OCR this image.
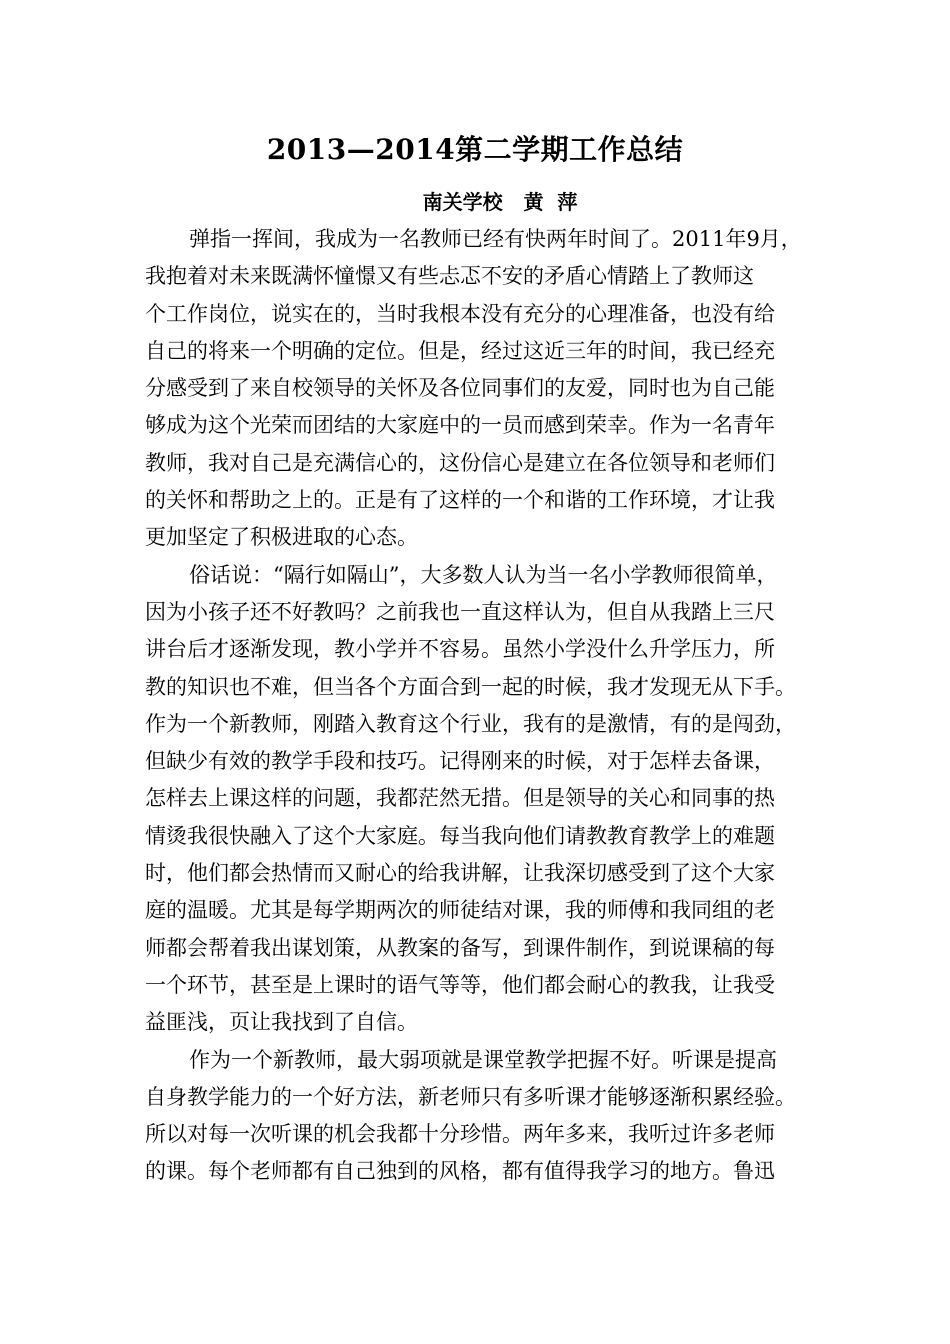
2013—2014第二学期工作总结
南关学校   黄  萍
弹指一挥间，我成为一名教师已经有快两年时间了。2011年9月，
我抱着对未来既满怀憧憬又有些忐忑不安的矛盾心情踏上了教师这
个工作岗位，说实在的，当时我根本没有充分的心理准备，也没有给
自己的将来一个明确的定位。但是，经过这近三年的时间，我已经充
分感受到了来自校领导的关怀及各位同事们的友爱，同时也为自己能
够成为这个光荣而团结的大家庭中的一员而感到荣幸。作为一名青年
教师，我对自己是充满信心的，这份信心是建立在各位领导和老师们
的关怀和帮助之上的。正是有了这样的一个和谐的工作环境，才让我
更加坚定了积极进取的心态。
俗话说：“隔行如隔山”，大多数人认为当一名小学教师很简单，
因为小孩子还不好教吗？之前我也一直这样认为，但自从我踏上三尺
讲台后才逐渐发现，教小学并不容易。虽然小学没什么升学压力，所
教的知识也不难，但当各个方面合到一起的时候，我才发现无从下手。
作为一个新教师，刚踏入教育这个行业，我有的是激情，有的是闯劲，
但缺少有效的教学手段和技巧。记得刚来的时候，对于怎样去备课，
怎样去上课这样的问题，我都茫然无措。但是领导的关心和同事的热
情烫我很快融入了这个大家庭。每当我向他们请教教育教学上的难题
时，他们都会热情而又耐心的给我讲解，让我深切感受到了这个大家
庭的温暖。尤其是每学期两次的师徒结对课，我的师傅和我同组的老
师都会帮着我出谋划策，从教案的备写，到课件制作，到说课稿的每
一个环节，甚至是上课时的语气等等，他们都会耐心的教我，让我受
益匪浅，页让我找到了自信。
作为一个新教师，最大弱项就是课堂教学把握不好。听课是提高
自身教学能力的一个好方法，新老师只有多听课才能够逐渐积累经验。
所以对每一次听课的机会我都十分珍惜。两年多来，我听过许多老师
的课。每个老师都有自己独到的风格，都有值得我学习的地方。鲁迅
